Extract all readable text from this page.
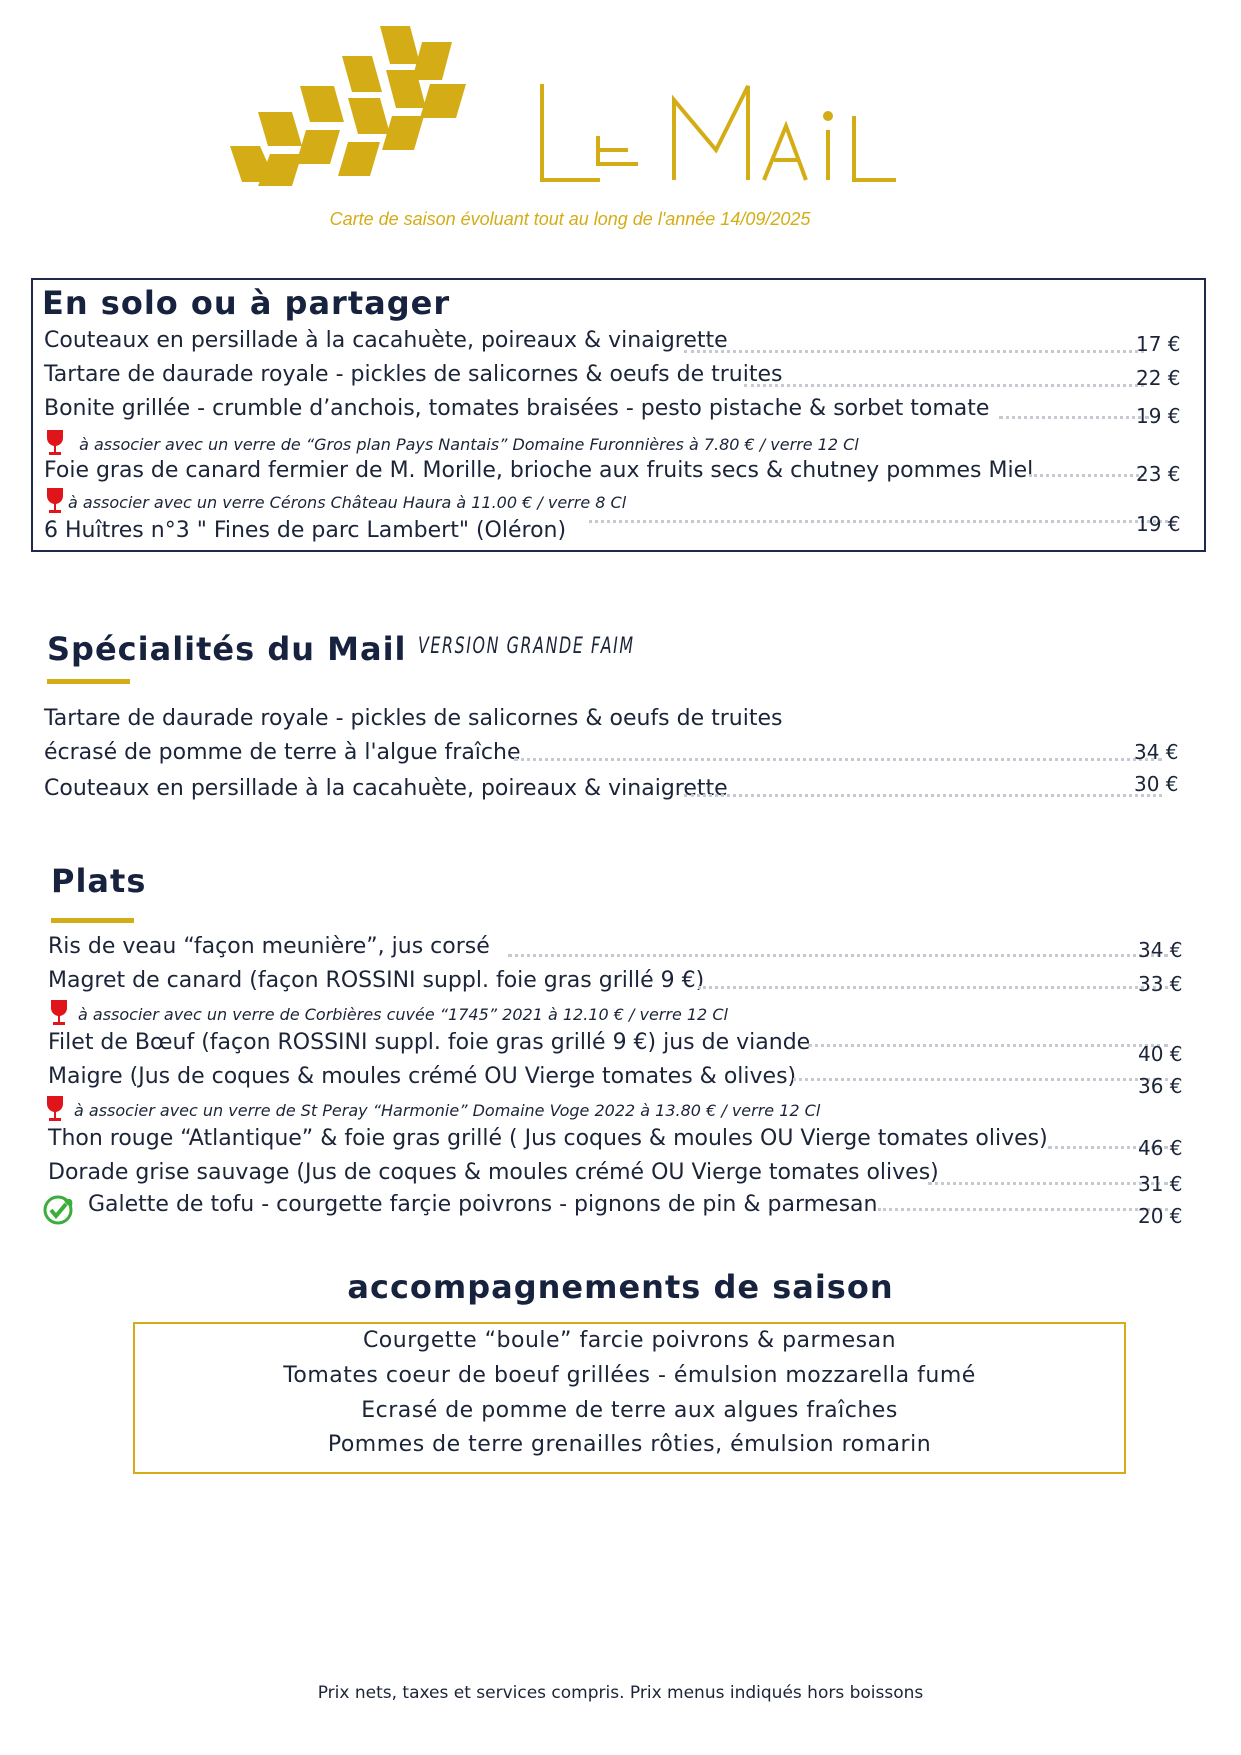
Carte de saison évoluant tout au long de l'année 14/09/2025
En solo ou à partager
Couteaux en persillade à la cacahuète, poireaux & vinaigrette	17 €
Tartare de daurade royale - pickles de salicornes & oeufs de truites	22 €
Bonite grillée - crumble d’anchois, tomates braisées - pesto pistache & sorbet tomate	19 €
à associer avec un verre de “Gros plan Pays Nantais” Domaine Furonnières à 7.80 € / verre 12 Cl
Foie gras de canard fermier de M. Morille, brioche aux fruits secs & chutney pommes Miel	23 €
à associer avec un verre Cérons Château Haura à 11.00 € / verre 8 Cl
6 Huîtres n°3 " Fines de parc Lambert" (Oléron)	19 €
Spécialités du Mail VERSION GRANDE FAIM
Tartare de daurade royale - pickles de salicornes & oeufs de truites
écrasé de pomme de terre à l'algue fraîche	34 €
Couteaux en persillade à la cacahuète, poireaux & vinaigrette	30 €
Plats
Ris de veau “façon meunière”, jus corsé	34 €
Magret de canard (façon ROSSINI suppl. foie gras grillé 9 €)	33 €
à associer avec un verre de Corbières cuvée “1745” 2021 à 12.10 € / verre 12 Cl
Filet de Bœuf (façon ROSSINI suppl. foie gras grillé 9 €) jus de viande	40 €
Maigre (Jus de coques & moules crémé OU Vierge tomates & olives)	36 €
à associer avec un verre de St Peray “Harmonie” Domaine Voge 2022 à 13.80 € / verre 12 Cl
Thon rouge “Atlantique” & foie gras grillé ( Jus coques & moules OU Vierge tomates olives)	46 €
Dorade grise sauvage (Jus de coques & moules crémé OU Vierge tomates olives)	31 €
Galette de tofu - courgette farçie poivrons - pignons de pin & parmesan	20 €
accompagnements de saison
Courgette “boule” farcie poivrons & parmesan
Tomates coeur de boeuf grillées - émulsion mozzarella fumé
Ecrasé de pomme de terre aux algues fraîches
Pommes de terre grenailles rôties, émulsion romarin
Prix nets, taxes et services compris. Prix menus indiqués hors boissons
